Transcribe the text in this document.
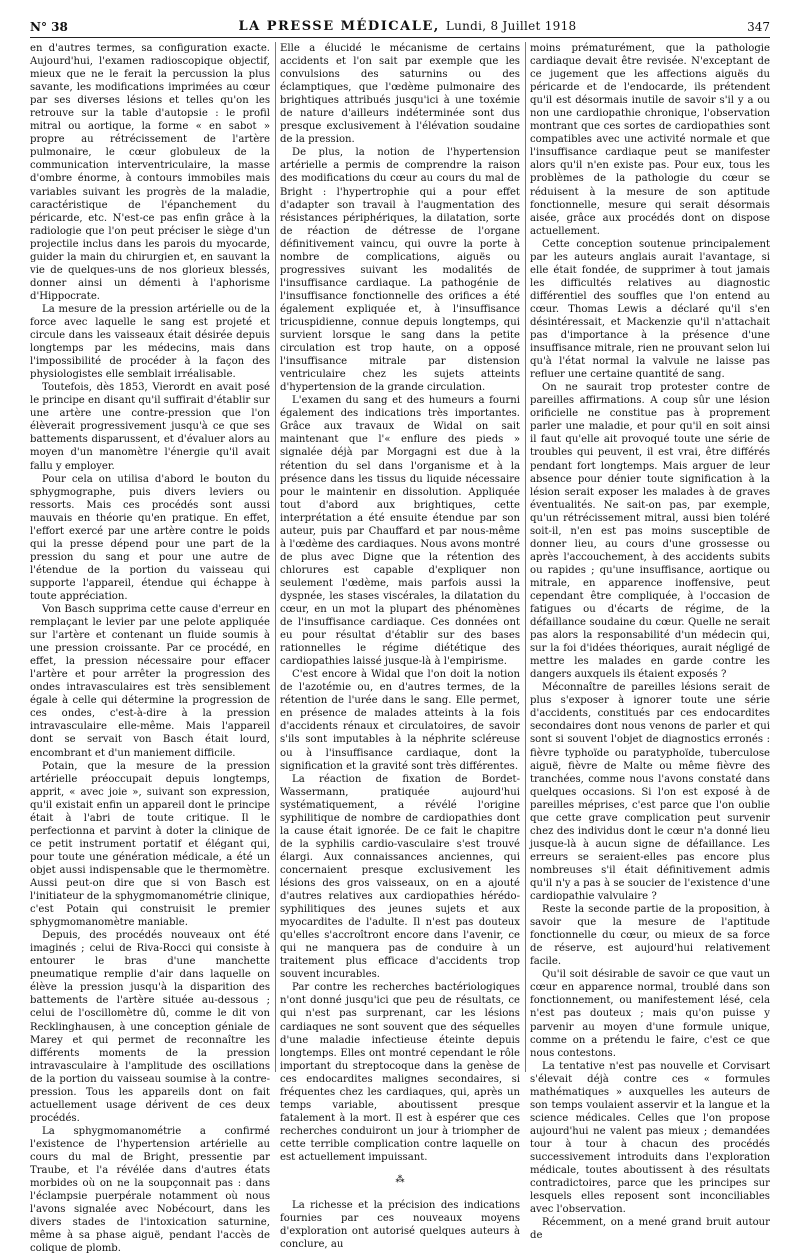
N° 38	LA PRESSE MÉDICALE, Lundi, 8 Juillet 1918	347

en d'autres termes, sa configuration exacte. Aujourd'hui, l'examen radioscopique objectif, mieux que ne le ferait la percussion la plus savante, les modifications imprimées au cœur par ses diverses lésions et telles qu'on les retrouve sur la table d'autopsie : le profil mitral ou aortique, la forme « en sabot » propre au rétrécissement de l'artère pulmonaire, le cœur globuleux de la communication interventriculaire, la masse d'ombre énorme, à contours immobiles mais variables suivant les progrès de la maladie, caractéristique de l'épanchement du péricarde, etc. N'est-ce pas enfin grâce à la radiologie que l'on peut préciser le siège d'un projectile inclus dans les parois du myocarde, guider la main du chirurgien et, en sauvant la vie de quelques-uns de nos glorieux blessés, donner ainsi un démenti à l'aphorisme d'Hippocrate.

La mesure de la pression artérielle ou de la force avec laquelle le sang est projeté et circule dans les vaisseaux était désirée depuis longtemps par les médecins, mais dans l'impossibilité de procéder à la façon des physiologistes elle semblait irréalisable.

Toutefois, dès 1853, Vierordt en avait posé le principe en disant qu'il suffirait d'établir sur une artère une contre-pression que l'on élèverait progressivement jusqu'à ce que ses battements disparussent, et d'évaluer alors au moyen d'un manomètre l'énergie qu'il avait fallu y employer.

Pour cela on utilisa d'abord le bouton du sphygmographe, puis divers leviers ou ressorts. Mais ces procédés sont aussi mauvais en théorie qu'en pratique. En effet, l'effort exercé par une artère contre le poids qui la presse dépend pour une part de la pression du sang et pour une autre de l'étendue de la portion du vaisseau qui supporte l'appareil, étendue qui échappe à toute appréciation.

Von Basch supprima cette cause d'erreur en remplaçant le levier par une pelote appliquée sur l'artère et contenant un fluide soumis à une pression croissante. Par ce procédé, en effet, la pression nécessaire pour effacer l'artère et pour arrêter la progression des ondes intravasculaires est très sensiblement égale à celle qui détermine la progression de ces ondes, c'est-à-dire à la pression intravasculaire elle-même. Mais l'appareil dont se servait von Basch était lourd, encombrant et d'un maniement difficile.

Potain, que la mesure de la pression artérielle préoccupait depuis longtemps, apprit, « avec joie », suivant son expression, qu'il existait enfin un appareil dont le principe était à l'abri de toute critique. Il le perfectionna et parvint à doter la clinique de ce petit instrument portatif et élégant qui, pour toute une génération médicale, a été un objet aussi indispensable que le thermomètre. Aussi peut-on dire que si von Basch est l'initiateur de la sphygmomanométrie clinique, c'est Potain qui construisit le premier sphygmomanomètre maniable.

Depuis, des procédés nouveaux ont été imaginés ; celui de Riva-Rocci qui consiste à entourer le bras d'une manchette pneumatique remplie d'air dans laquelle on élève la pression jusqu'à la disparition des battements de l'artère située au-dessous ; celui de l'oscillomètre dû, comme le dit von Recklinghausen, à une conception géniale de Marey et qui permet de reconnaître les différents moments de la pression intravasculaire à l'amplitude des oscillations de la portion du vaisseau soumise à la contre-pression. Tous les appareils dont on fait actuellement usage dérivent de ces deux procédés.

La sphygmomanométrie a confirmé l'existence de l'hypertension artérielle au cours du mal de Bright, pressentie par Traube, et l'a révélée dans d'autres états morbides où on ne la soupçonnait pas : dans l'éclampsie puerpérale notamment où nous l'avons signalée avec Nobécourt, dans les divers stades de l'intoxication saturnine, même à sa phase aiguë, pendant l'accès de colique de plomb.

Elle a élucidé le mécanisme de certains accidents et l'on sait par exemple que les convulsions des saturnins ou des éclamptiques, que l'œdème pulmonaire des brightiques attribués jusqu'ici à une toxémie de nature d'ailleurs indéterminée sont dus presque exclusivement à l'élévation soudaine de la pression.

De plus, la notion de l'hypertension artérielle a permis de comprendre la raison des modifications du cœur au cours du mal de Bright : l'hypertrophie qui a pour effet d'adapter son travail à l'augmentation des résistances périphériques, la dilatation, sorte de réaction de détresse de l'organe définitivement vaincu, qui ouvre la porte à nombre de complications, aiguës ou progressives suivant les modalités de l'insuffisance cardiaque. La pathogénie de l'insuffisance fonctionnelle des orifices a été également expliquée et, à l'insuffisance tricuspidienne, connue depuis longtemps, qui survient lorsque le sang dans la petite circulation est trop haute, on a opposé l'insuffisance mitrale par distension ventriculaire chez les sujets atteints d'hypertension de la grande circulation.

L'examen du sang et des humeurs a fourni également des indications très importantes. Grâce aux travaux de Widal on sait maintenant que l'« enflure des pieds » signalée déjà par Morgagni est due à la rétention du sel dans l'organisme et à la présence dans les tissus du liquide nécessaire pour le maintenir en dissolution. Appliquée tout d'abord aux brightiques, cette interprétation a été ensuite étendue par son auteur, puis par Chauffard et par nous-même à l'œdème des cardiaques. Nous avons montré de plus avec Digne que la rétention des chlorures est capable d'expliquer non seulement l'œdème, mais parfois aussi la dyspnée, les stases viscérales, la dilatation du cœur, en un mot la plupart des phénomènes de l'insuffisance cardiaque. Ces données ont eu pour résultat d'établir sur des bases rationnelles le régime diététique des cardiopathies laissé jusque-là à l'empirisme.

C'est encore à Widal que l'on doit la notion de l'azotémie ou, en d'autres termes, de la rétention de l'urée dans le sang. Elle permet, en présence de malades atteints à la fois d'accidents rénaux et circulatoires, de savoir s'ils sont imputables à la néphrite scléreuse ou à l'insuffisance cardiaque, dont la signification et la gravité sont très différentes.

La réaction de fixation de Bordet-Wassermann, pratiquée aujourd'hui systématiquement, a révélé l'origine syphilitique de nombre de cardiopathies dont la cause était ignorée. De ce fait le chapitre de la syphilis cardio-vasculaire s'est trouvé élargi. Aux connaissances anciennes, qui concernaient presque exclusivement les lésions des gros vaisseaux, on en a ajouté d'autres relatives aux cardiopathies hérédo-syphilitiques des jeunes sujets et aux myocardites de l'adulte. Il n'est pas douteux qu'elles s'accroîtront encore dans l'avenir, ce qui ne manquera pas de conduire à un traitement plus efficace d'accidents trop souvent incurables.

Par contre les recherches bactériologiques n'ont donné jusqu'ici que peu de résultats, ce qui n'est pas surprenant, car les lésions cardiaques ne sont souvent que des séquelles d'une maladie infectieuse éteinte depuis longtemps. Elles ont montré cependant le rôle important du streptocoque dans la genèse de ces endocardites malignes secondaires, si fréquentes chez les cardiaques, qui, après un temps variable, aboutissent presque fatalement à la mort. Il est à espérer que ces recherches conduiront un jour à triompher de cette terrible complication contre laquelle on est actuellement impuissant.

⁂

La richesse et la précision des indications fournies par ces nouveaux moyens d'exploration ont autorisé quelques auteurs à conclure, au

moins prématurément, que la pathologie cardiaque devait être revisée. N'exceptant de ce jugement que les affections aiguës du péricarde et de l'endocarde, ils prétendent qu'il est désormais inutile de savoir s'il y a ou non une cardiopathie chronique, l'observation montrant que ces sortes de cardiopathies sont compatibles avec une activité normale et que l'insuffisance cardiaque peut se manifester alors qu'il n'en existe pas. Pour eux, tous les problèmes de la pathologie du cœur se réduisent à la mesure de son aptitude fonctionnelle, mesure qui serait désormais aisée, grâce aux procédés dont on dispose actuellement.

Cette conception soutenue principalement par les auteurs anglais aurait l'avantage, si elle était fondée, de supprimer à tout jamais les difficultés relatives au diagnostic différentiel des souffles que l'on entend au cœur. Thomas Lewis a déclaré qu'il s'en désintéressait, et Mackenzie qu'il n'attachait pas d'importance à la présence d'une insuffisance mitrale, rien ne prouvant selon lui qu'à l'état normal la valvule ne laisse pas refluer une certaine quantité de sang.

On ne saurait trop protester contre de pareilles affirmations. A coup sûr une lésion orificielle ne constitue pas à proprement parler une maladie, et pour qu'il en soit ainsi il faut qu'elle ait provoqué toute une série de troubles qui peuvent, il est vrai, être différés pendant fort longtemps. Mais arguer de leur absence pour dénier toute signification à la lésion serait exposer les malades à de graves éventualités. Ne sait-on pas, par exemple, qu'un rétrécissement mitral, aussi bien toléré soit-il, n'en est pas moins susceptible de donner lieu, au cours d'une grossesse ou après l'accouchement, à des accidents subits ou rapides ; qu'une insuffisance, aortique ou mitrale, en apparence inoffensive, peut cependant être compliquée, à l'occasion de fatigues ou d'écarts de régime, de la défaillance soudaine du cœur. Quelle ne serait pas alors la responsabilité d'un médecin qui, sur la foi d'idées théoriques, aurait négligé de mettre les malades en garde contre les dangers auxquels ils étaient exposés ?

Méconnaître de pareilles lésions serait de plus s'exposer à ignorer toute une série d'accidents, constitués par ces endocardites secondaires dont nous venons de parler et qui sont si souvent l'objet de diagnostics erronés : fièvre typhoïde ou paratyphoïde, tuberculose aiguë, fièvre de Malte ou même fièvre des tranchées, comme nous l'avons constaté dans quelques occasions. Si l'on est exposé à de pareilles méprises, c'est parce que l'on oublie que cette grave complication peut survenir chez des individus dont le cœur n'a donné lieu jusque-là à aucun signe de défaillance. Les erreurs se seraient-elles pas encore plus nombreuses s'il était définitivement admis qu'il n'y a pas à se soucier de l'existence d'une cardiopathie valvulaire ?

Reste la seconde partie de la proposition, à savoir que la mesure de l'aptitude fonctionnelle du cœur, ou mieux de sa force de réserve, est aujourd'hui relativement facile.

Qu'il soit désirable de savoir ce que vaut un cœur en apparence normal, troublé dans son fonctionnement, ou manifestement lésé, cela n'est pas douteux ; mais qu'on puisse y parvenir au moyen d'une formule unique, comme on a prétendu le faire, c'est ce que nous contestons.

La tentative n'est pas nouvelle et Corvisart s'élevait déjà contre ces « formules mathématiques » auxquelles les auteurs de son temps voulaient asservir et la langue et la science médicales. Celles que l'on propose aujourd'hui ne valent pas mieux ; demandées tour à tour à chacun des procédés successivement introduits dans l'exploration médicale, toutes aboutissent à des résultats contradictoires, parce que les principes sur lesquels elles reposent sont inconciliables avec l'observation.

Récemment, on a mené grand bruit autour de
